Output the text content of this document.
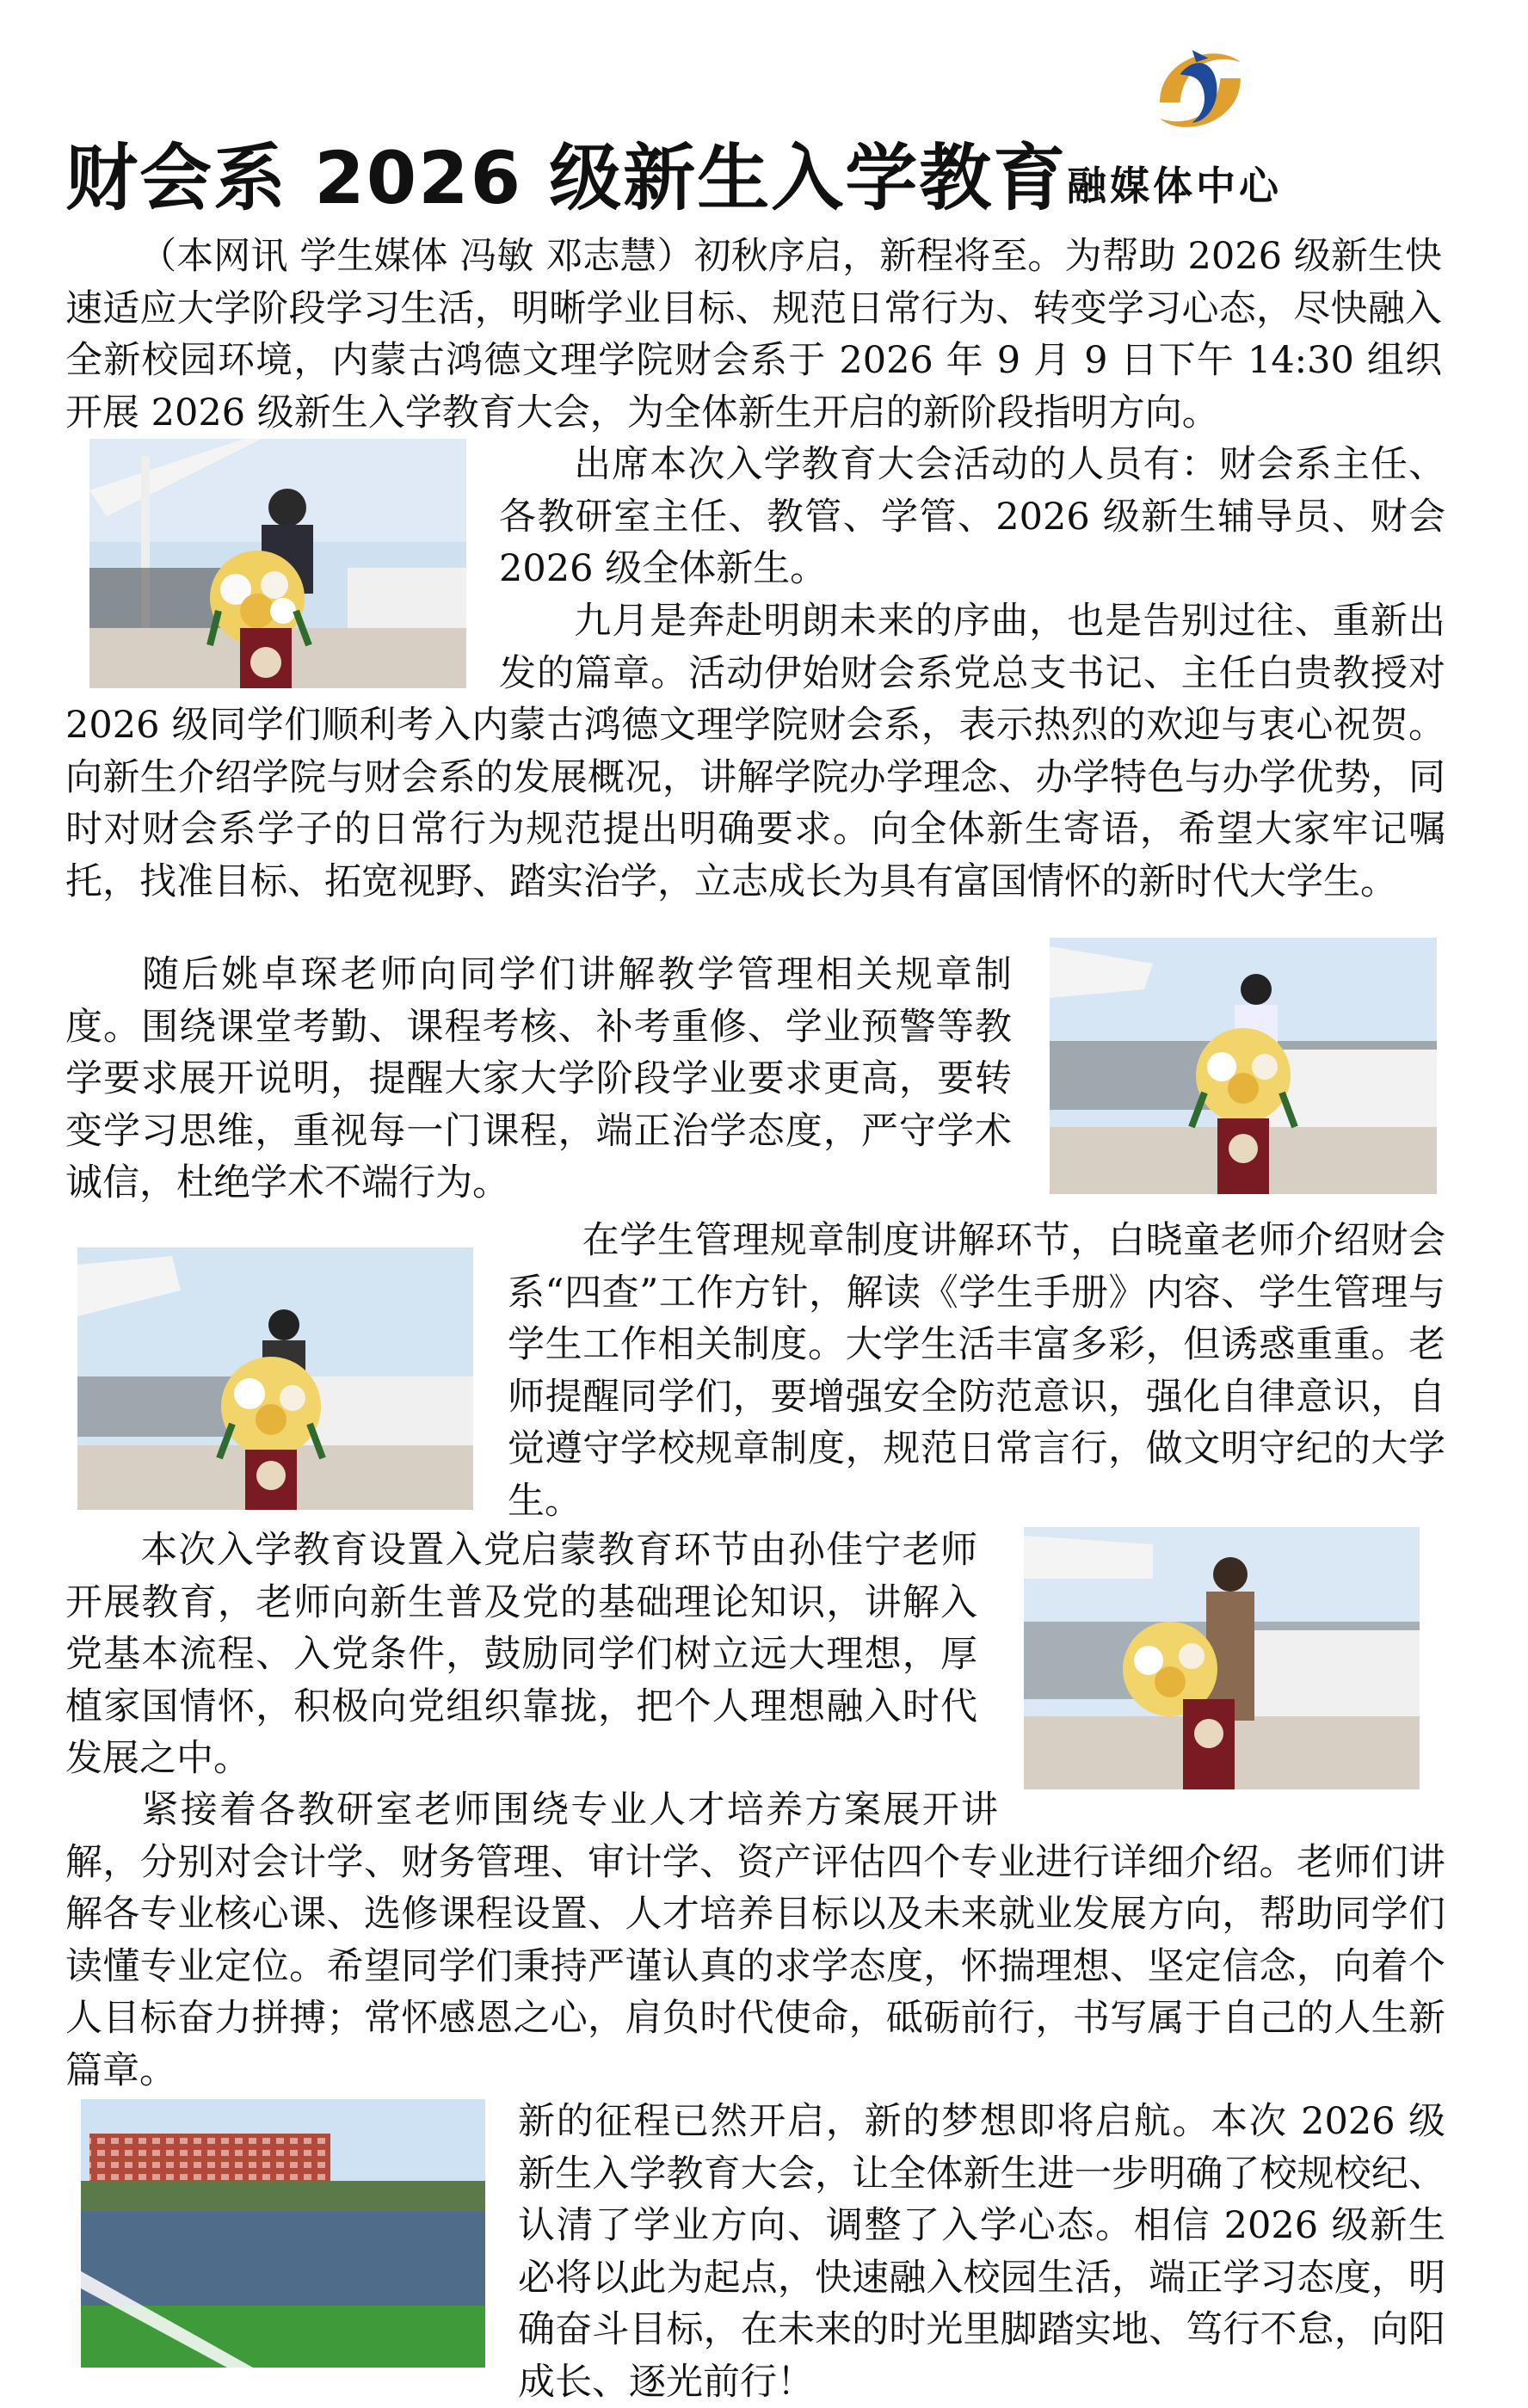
财会系 2026 级新生入学教育 融媒体中心

（本网讯 学生媒体 冯敏 邓志慧）初秋序启，新程将至。为帮助 2026 级新生快速适应大学阶段学习生活，明晰学业目标、规范日常行为、转变学习心态，尽快融入全新校园环境，内蒙古鸿德文理学院财会系于 2026 年 9 月 9 日下午 14:30 组织开展 2026 级新生入学教育大会，为全体新生开启的新阶段指明方向。

出席本次入学教育大会活动的人员有：财会系主任、各教研室主任、教管、学管、2026 级新生辅导员、财会 2026 级全体新生。

九月是奔赴明朗未来的序曲，也是告别过往、重新出发的篇章。活动伊始财会系党总支书记、主任白贵教授对 2026 级同学们顺利考入内蒙古鸿德文理学院财会系，表示热烈的欢迎与衷心祝贺。向新生介绍学院与财会系的发展概况，讲解学院办学理念、办学特色与办学优势，同时对财会系学子的日常行为规范提出明确要求。向全体新生寄语，希望大家牢记嘱托，找准目标、拓宽视野、踏实治学，立志成长为具有富国情怀的新时代大学生。

随后姚卓琛老师向同学们讲解教学管理相关规章制度。围绕课堂考勤、课程考核、补考重修、学业预警等教学要求展开说明，提醒大家大学阶段学业要求更高，要转变学习思维，重视每一门课程，端正治学态度，严守学术诚信，杜绝学术不端行为。

在学生管理规章制度讲解环节，白晓童老师介绍财会系“四查”工作方针，解读《学生手册》内容、学生管理与学生工作相关制度。大学生活丰富多彩，但诱惑重重。老师提醒同学们，要增强安全防范意识，强化自律意识，自觉遵守学校规章制度，规范日常言行，做文明守纪的大学生。

本次入学教育设置入党启蒙教育环节由孙佳宁老师开展教育，老师向新生普及党的基础理论知识，讲解入党基本流程、入党条件，鼓励同学们树立远大理想，厚植家国情怀，积极向党组织靠拢，把个人理想融入时代发展之中。

紧接着各教研室老师围绕专业人才培养方案展开讲解，分别对会计学、财务管理、审计学、资产评估四个专业进行详细介绍。老师们讲解各专业核心课、选修课程设置、人才培养目标以及未来就业发展方向，帮助同学们读懂专业定位。希望同学们秉持严谨认真的求学态度，怀揣理想、坚定信念，向着个人目标奋力拼搏；常怀感恩之心，肩负时代使命，砥砺前行，书写属于自己的人生新篇章。

新的征程已然开启，新的梦想即将启航。本次 2026 级新生入学教育大会，让全体新生进一步明确了校规校纪、认清了学业方向、调整了入学心态。相信 2026 级新生必将以此为起点，快速融入校园生活，端正学习态度，明确奋斗目标，在未来的时光里脚踏实地、笃行不怠，向阳成长、逐光前行！
